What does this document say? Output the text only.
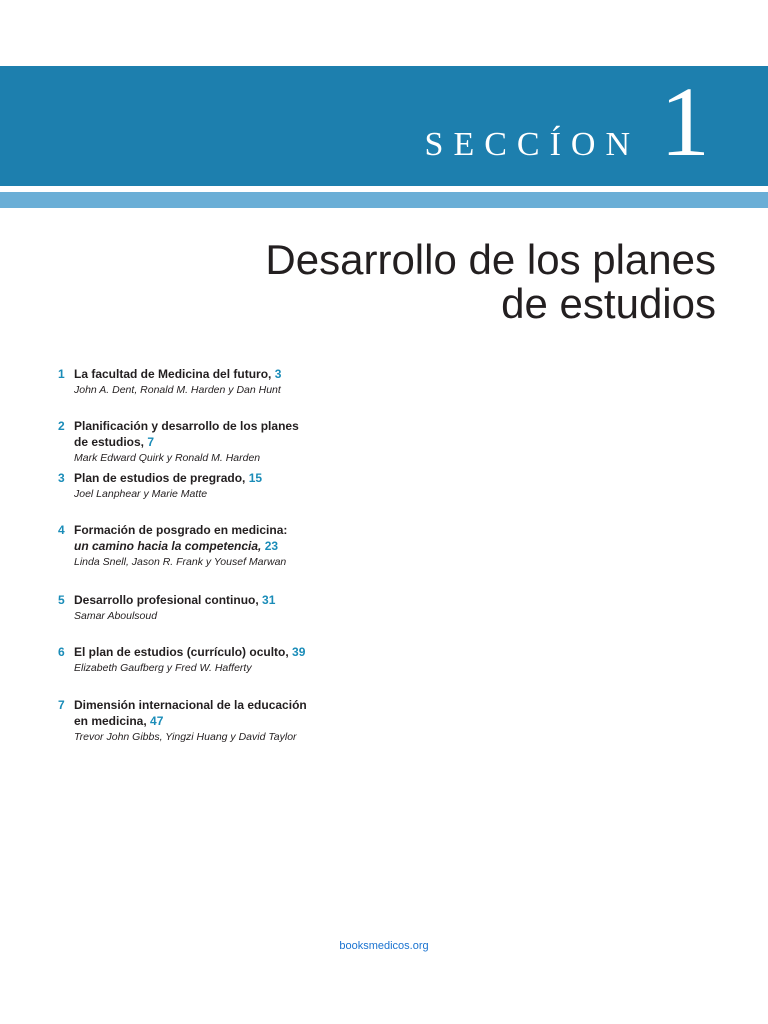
SECCÍON 1
Desarrollo de los planes
de estudios
1 La facultad de Medicina del futuro, 3
John A. Dent, Ronald M. Harden y Dan Hunt
2 Planificación y desarrollo de los planes
de estudios, 7
Mark Edward Quirk y Ronald M. Harden
3 Plan de estudios de pregrado, 15
Joel Lanphear y Marie Matte
4 Formación de posgrado en medicina:
un camino hacia la competencia, 23
Linda Snell, Jason R. Frank y Yousef Marwan
5 Desarrollo profesional continuo, 31
Samar Aboulsoud
6 El plan de estudios (currículo) oculto, 39
Elizabeth Gaufberg y Fred W. Hafferty
7 Dimensión internacional de la educación
en medicina, 47
Trevor John Gibbs, Yingzi Huang y David Taylor
booksmedicos.org
